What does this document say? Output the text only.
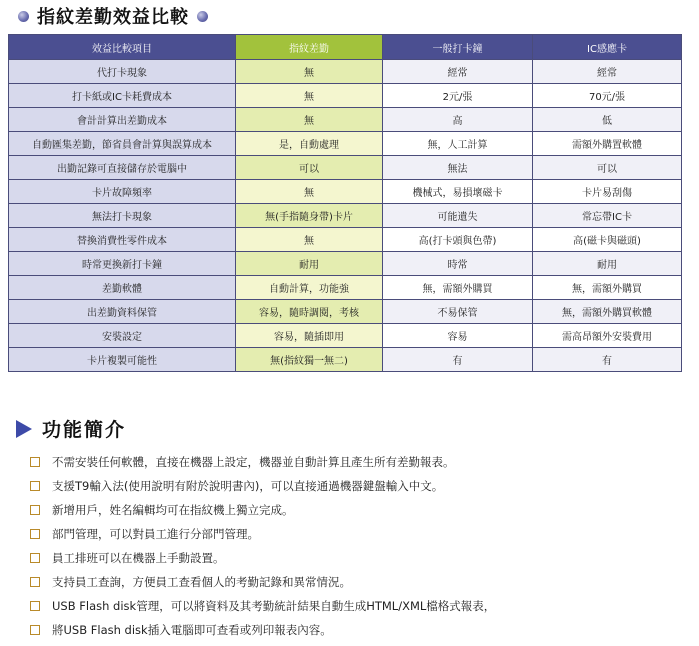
指紋差勤效益比較
效益比較項目	指紋差勤	一般打卡鐘	IC感應卡
代打卡現象	無	經常	經常
打卡紙或IC卡耗費成本	無	2元/張	70元/張
會計計算出差勤成本	無	高	低
自動匯集差勤，節省員會計算與誤算成本	是，自動處理	無，人工計算	需額外購置軟體
出勤記錄可直接儲存於電腦中	可以	無法	可以
卡片故障頻率	無	機械式，易損壞磁卡	卡片易刮傷
無法打卡現象	無(手指隨身帶)卡片	可能遺失	常忘帶IC卡
替換消費性零件成本	無	高(打卡頭與色帶)	高(磁卡與磁頭)
時常更換新打卡鐘	耐用	時常	耐用
差勤軟體	自動計算，功能強	無，需額外購買	無，需額外購買
出差勤資料保管	容易，隨時調閱，考核	不易保管	無，需額外購買軟體
安裝設定	容易，隨插即用	容易	需高昂額外安裝費用
卡片複製可能性	無(指紋獨一無二)	有	有
功能簡介
不需安裝任何軟體，直接在機器上設定，機器並自動計算且產生所有差勤報表。
支援T9輸入法(使用說明有附於說明書內)，可以直接通過機器鍵盤輸入中文。
新增用戶，姓名編輯均可在指紋機上獨立完成。
部門管理，可以對員工進行分部門管理。
員工排班可以在機器上手動設置。
支持員工查詢，方便員工查看個人的考勤記錄和異常情況。
USB Flash disk管理，可以將資料及其考勤統計結果自動生成HTML/XML檔格式報表，
將USB Flash disk插入電腦即可查看或列印報表內容。
